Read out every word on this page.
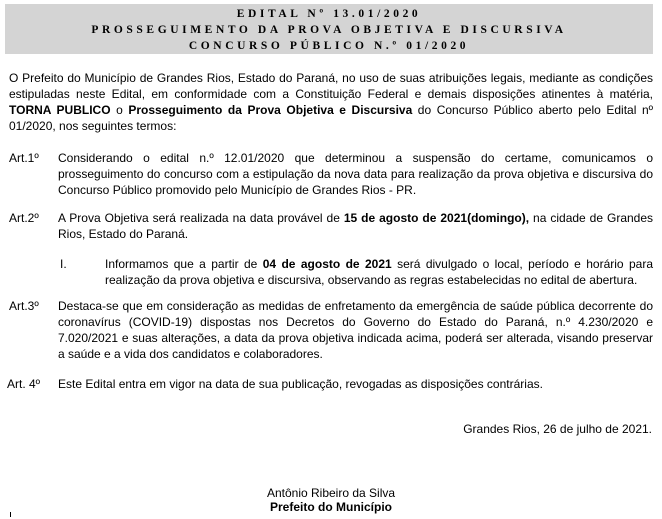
EDITAL Nº 13.01/2020
PROSSEGUIMENTO DA PROVA OBJETIVA E DISCURSIVA
CONCURSO PÚBLICO N.º 01/2020
O Prefeito do Município de Grandes Rios, Estado do Paraná, no uso de suas atribuições legais, mediante as condições estipuladas neste Edital, em conformidade com a Constituição Federal e demais disposições atinentes à matéria, TORNA PUBLICO o Prosseguimento da Prova Objetiva e Discursiva do Concurso Público aberto pelo Edital nº 01/2020, nos seguintes termos:
Art.1º Considerando o edital n.º 12.01/2020 que determinou a suspensão do certame, comunicamos o prosseguimento do concurso com a estipulação da nova data para realização da prova objetiva e discursiva do Concurso Público promovido pelo Município de Grandes Rios - PR.
Art.2º A Prova Objetiva será realizada na data provável de 15 de agosto de 2021(domingo), na cidade de Grandes Rios, Estado do Paraná.
I.	Informamos que a partir de 04 de agosto de 2021 será divulgado o local, período e horário para realização da prova objetiva e discursiva, observando as regras estabelecidas no edital de abertura.
Art.3º Destaca-se que em consideração as medidas de enfretamento da emergência de saúde pública decorrente do coronavírus (COVID-19) dispostas nos Decretos do Governo do Estado do Paraná, n.º 4.230/2020 e 7.020/2021 e suas alterações, a data da prova objetiva indicada acima, poderá ser alterada, visando preservar a saúde e a vida dos candidatos e colaboradores.
Art. 4º Este Edital entra em vigor na data de sua publicação, revogadas as disposições contrárias.
Grandes Rios, 26 de julho de 2021.
Antônio Ribeiro da Silva
Prefeito do Município
